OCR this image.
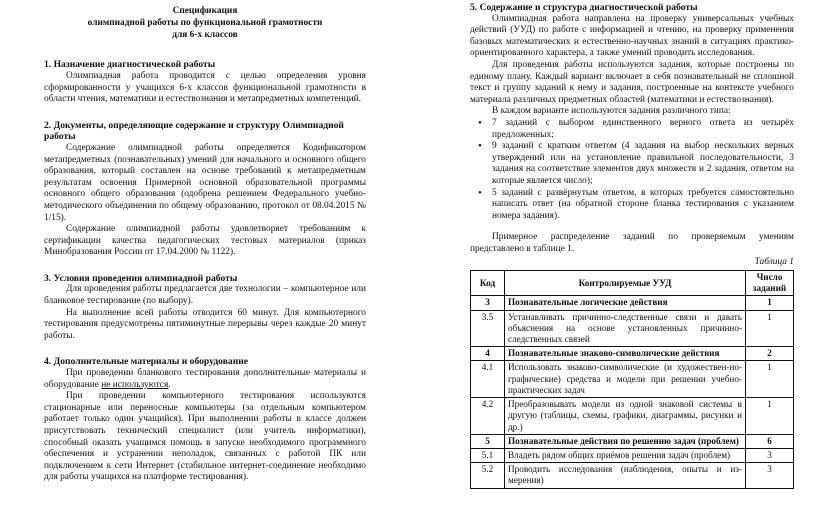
Спецификация
олимпиадной работы по функциональной грамотности
для 6-х классов
1. Назначение диагностической работы

Олимпиадная работа проводится с целью определения уровня сформированности у учащихся 6-х классов функциональной грамотности в области чтения, математики и естествознания и метапредметных компетенций.

2. Документы, определяющие содержание и структуру Олимпиадной работы

Содержание олимпиадной работы определяется Кодификатором метапредметных (познавательных) умений для начального и основного общего образования, который составлен на основе требований к метапредметным результатам освоения Примерной основной образовательной программы основного общего образования (одобрена решением Федерального учебно-методического объединения по общему образованию, протокол от 08.04.2015 № 1/15).

Содержание олимпиадной работы удовлетворяет требованиям к сертификации качества педагогических тестовых материалов (приказ Минобразования России от 17.04.2000 № 1122).

3. Условия проведения олимпиадной работы

Для проведения работы предлагается две технологии – компьютерное или бланковое тестирование (по выбору).

На выполнение всей работы отводится 60 минут. Для компьютерного тестирования предусмотрены пятиминутные перерывы через каждые 20 минут работы.

4. Дополнительные материалы и оборудование

При проведении бланкового тестирования дополнительные материалы и оборудование не используются.

При проведении компьютерного тестирования используются стационарные или переносные компьютеры (за отдельным компьютером работает только один учащийся). При выполнении работы в классе должен присутствовать технический специалист (или учитель информатики), способный оказать учащимся помощь в запуске необходимого программного обеспечения и устранении неполадок, связанных с работой ПК или подключением к сети Интернет (стабильное интернет-соединение необходимо для работы учащихся на платформе тестирования).

5. Содержание и структура диагностической работы

Олимпиадная работа направлена на проверку универсальных учебных действий (УУД) по работе с информацией и чтению, на проверку применения базовых математических и естественно-научных знаний в ситуациях практико-ориентированного характера, а также умений проводить исследования.

Для проведения работы используются задания, которые построены по единому плану. Каждый вариант включает в себя познавательный не сплошной текст и группу заданий к нему и задания, построенные на контексте учебного материала различных предметных областей (математики и естествознания).

В каждом варианте используются задания различного типа:

• 7 заданий с выбором единственного верного ответа из четырёх предложенных;
• 9 заданий с кратким ответом (4 задания на выбор нескольких верных утверждений или на установление правильной последовательности, 3 задания на соответствие элементов двух множеств и 2 задания, ответом на которые является число);
• 5 заданий с развёрнутым ответом, в которых требуется самостоятельно написать ответ (на обратной стороне бланка тестирования с указанием номера задания).

Примерное распределение заданий по проверяемым умениям представлено в таблице 1.

Таблица 1
Код	Контролируемые УУД	Число заданий
3	Познавательные логические действия	1
3.5	Устанавливать причинно-следственные связи и давать объяснения на основе установленных причинно-следственных связей	1
4	Познавательные знаково-символические действия	2
4.1	Использовать знаково-символические (и художествен-но-графические) средства и модели при решении учебно-практических задач	1
4.2	Преобразовывать модели из одной знаковой системы в другую (таблицы, схемы, графики, диаграммы, рисунки и др.)	1
5	Познавательные действия по решению задач (проблем)	6
5.1	Владеть рядом общих приёмов решения задач (проблем)	3
5.2	Проводить исследования (наблюдения, опыты и из-мерения)	3
